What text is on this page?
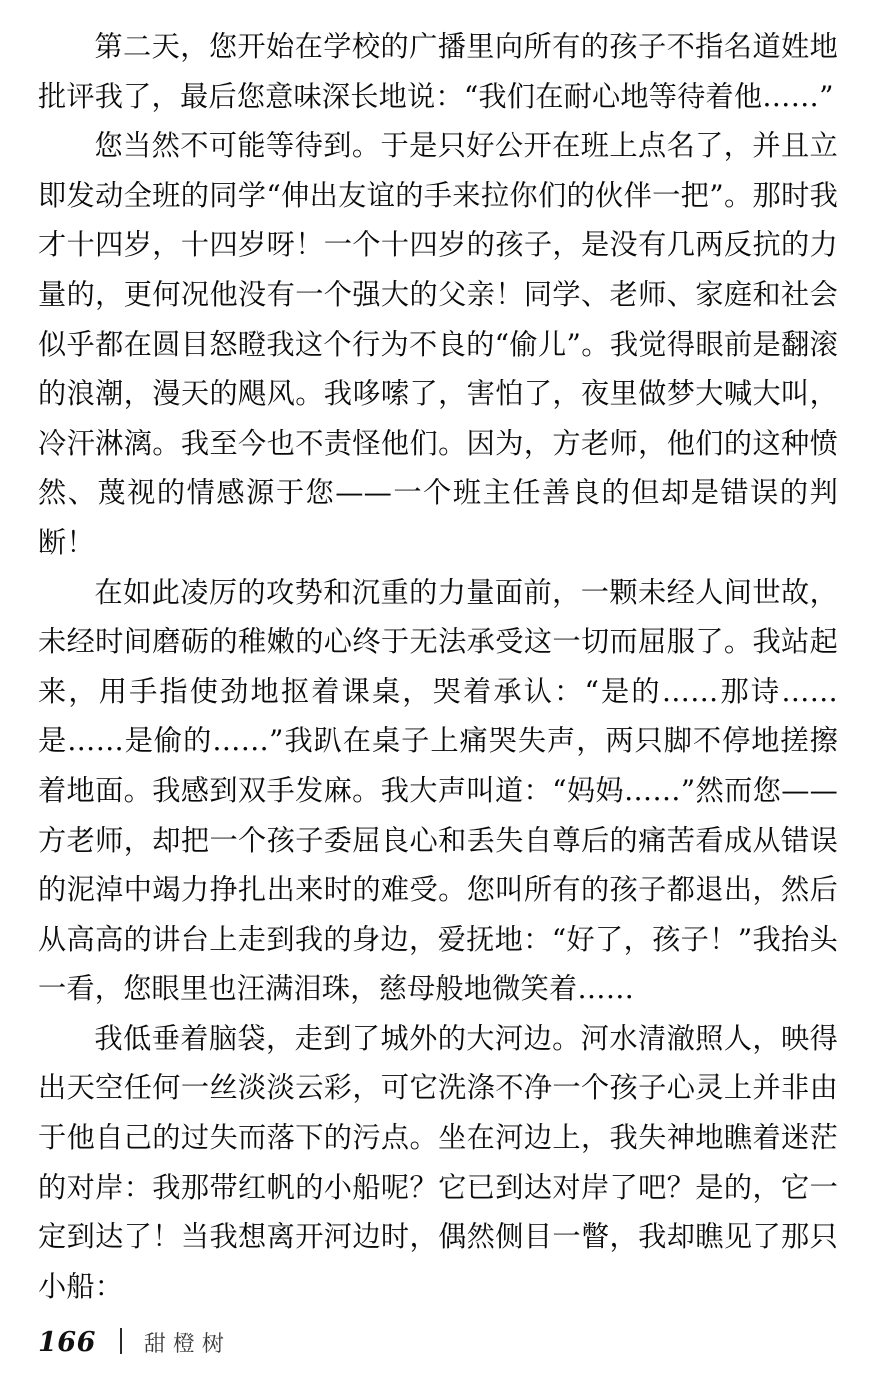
第二天，您开始在学校的广播里向所有的孩子不指名道姓地批评我了，最后您意味深长地说：“我们在耐心地等待着他……”

您当然不可能等待到。于是只好公开在班上点名了，并且立即发动全班的同学“伸出友谊的手来拉你们的伙伴一把”。那时我才十四岁，十四岁呀！一个十四岁的孩子，是没有几两反抗的力量的，更何况他没有一个强大的父亲！同学、老师、家庭和社会似乎都在圆目怒瞪我这个行为不良的“偷儿”。我觉得眼前是翻滚的浪潮，漫天的飓风。我哆嗦了，害怕了，夜里做梦大喊大叫，冷汗淋漓。我至今也不责怪他们。因为，方老师，他们的这种愤然、蔑视的情感源于您——一个班主任善良的但却是错误的判断！

在如此凌厉的攻势和沉重的力量面前，一颗未经人间世故，未经时间磨砺的稚嫩的心终于无法承受这一切而屈服了。我站起来，用手指使劲地抠着课桌，哭着承认：“是的……那诗……是……是偷的……”我趴在桌子上痛哭失声，两只脚不停地搓擦着地面。我感到双手发麻。我大声叫道：“妈妈……”然而您——方老师，却把一个孩子委屈良心和丢失自尊后的痛苦看成从错误的泥淖中竭力挣扎出来时的难受。您叫所有的孩子都退出，然后从高高的讲台上走到我的身边，爱抚地：“好了，孩子！”我抬头一看，您眼里也汪满泪珠，慈母般地微笑着……

我低垂着脑袋，走到了城外的大河边。河水清澈照人，映得出天空任何一丝淡淡云彩，可它洗涤不净一个孩子心灵上并非由于他自己的过失而落下的污点。坐在河边上，我失神地瞧着迷茫的对岸：我那带红帆的小船呢？它已到达对岸了吧？是的，它一定到达了！当我想离开河边时，偶然侧目一瞥，我却瞧见了那只小船：

166 甜橙树
